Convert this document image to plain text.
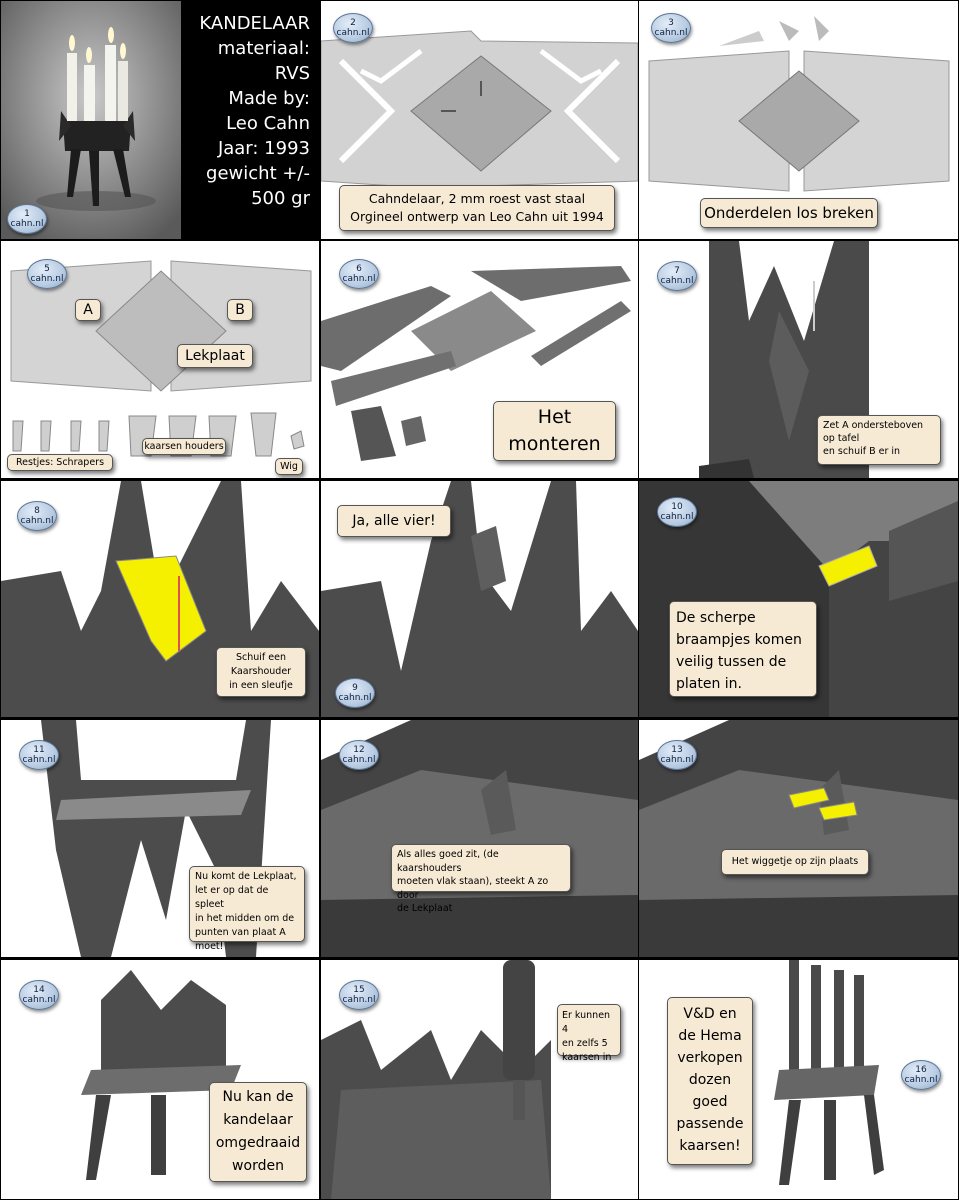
1
cahn.nl
KANDELAAR
materiaal:
RVS
Made by:
Leo Cahn
Jaar: 1993
gewicht +/-
500 gr
2
cahn.nl
Cahndelaar, 2 mm roest vast staal
Orgineel ontwerp van Leo Cahn uit 1994
3
cahn.nl
Onderdelen los breken
5
cahn.nl
A	B
Lekplaat
Restjes: Schrapers
kaarsen houders
Wig
6
cahn.nl
Het
monteren
7
cahn.nl
Zet A ondersteboven
op tafel
en schuif B er in
8
cahn.nl
Schuif een
Kaarshouder
in een sleufje
Ja, alle vier!
9
cahn.nl
10
cahn.nl
De scherpe
braampjes komen
veilig tussen de
platen in.
11
cahn.nl
Nu komt de Lekplaat,
let er op dat de spleet
in het midden om de
punten van plaat A
moet!
12
cahn.nl
Als alles goed zit, (de kaarshouders
moeten vlak staan), steekt A zo door
de Lekplaat
13
cahn.nl
Het wiggetje op zijn plaats
14
cahn.nl
Nu kan de
kandelaar
omgedraaid
worden
15
cahn.nl
Er kunnen 4
en zelfs 5
kaarsen in
16
cahn.nl
V&D en
de Hema
verkopen
dozen
goed
passende
kaarsen!
